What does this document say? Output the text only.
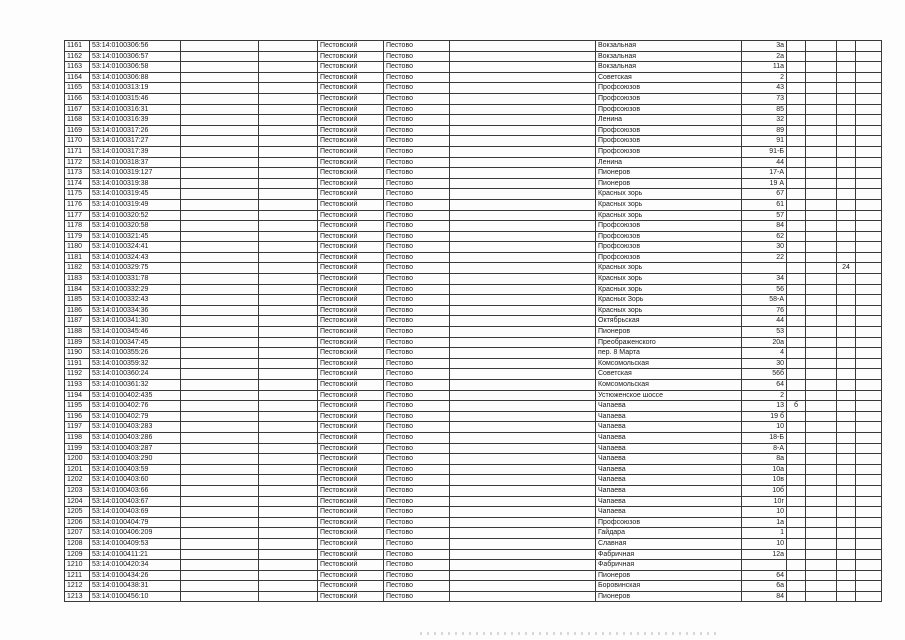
1161	53:14:0100306:56			Пестовский	Пестово		Вокзальная	3а				
1162	53:14:0100306:57			Пестовский	Пестово		Вокзальная	2а				
1163	53:14:0100306:58			Пестовский	Пестово		Вокзальная	11а				
1164	53:14:0100306:88			Пестовский	Пестово		Советская	2				
1165	53:14:0100313:19			Пестовский	Пестово		Профсоюзов	43				
1166	53:14:0100315:46			Пестовский	Пестово		Профсоюзов	73				
1167	53:14:0100316:31			Пестовский	Пестово		Профсоюзов	85				
1168	53:14:0100316:39			Пестовский	Пестово		Ленина	32				
1169	53:14:0100317:26			Пестовский	Пестово		Профсоюзов	89				
1170	53:14:0100317:27			Пестовский	Пестово		Профсоюзов	91				
1171	53:14:0100317:39			Пестовский	Пестово		Профсоюзов	91-Б				
1172	53:14:0100318:37			Пестовский	Пестово		Ленина	44				
1173	53:14:0100319:127			Пестовский	Пестово		Пионеров	17-А				
1174	53:14:0100319:38			Пестовский	Пестово		Пионеров	19 А				
1175	53:14:0100319:45			Пестовский	Пестово		Красных зорь	67				
1176	53:14:0100319:49			Пестовский	Пестово		Красных зорь	61				
1177	53:14:0100320:52			Пестовский	Пестово		Красных зорь	57				
1178	53:14:0100320:58			Пестовский	Пестово		Профсоюзов	84				
1179	53:14:0100321:45			Пестовский	Пестово		Профсоюзов	62				
1180	53:14:0100324:41			Пестовский	Пестово		Профсоюзов	30				
1181	53:14:0100324:43			Пестовский	Пестово		Профсоюзов	22				
1182	53:14:0100329:75			Пестовский	Пестово		Красных зорь				24	
1183	53:14:0100331:78			Пестовский	Пестово		Красных зорь	34				
1184	53:14:0100332:29			Пестовский	Пестово		Красных зорь	56				
1185	53:14:0100332:43			Пестовский	Пестово		Красных Зорь	58-А				
1186	53:14:0100334:36			Пестовский	Пестово		Красных зорь	76				
1187	53:14:0100341:30			Пестовский	Пестово		Октябрьская	44				
1188	53:14:0100345:46			Пестовский	Пестово		Пионеров	53				
1189	53:14:0100347:45			Пестовский	Пестово		Преображенского	20а				
1190	53:14:0100355:26			Пестовский	Пестово		пер. 8 Марта	4				
1191	53:14:0100359:32			Пестовский	Пестово		Комсомольская	30				
1192	53:14:0100360:24			Пестовский	Пестово		Советская	56б				
1193	53:14:0100361:32			Пестовский	Пестово		Комсомольская	64				
1194	53:14:0100402:435			Пестовский	Пестово		Устюженское шоссе	2				
1195	53:14:0100402:76			Пестовский	Пестово		Чапаева	13	б			
1196	53:14:0100402:79			Пестовский	Пестово		Чапаева	19 б				
1197	53:14:0100403:283			Пестовский	Пестово		Чапаева	10				
1198	53:14:0100403:286			Пестовский	Пестово		Чапаева	18-Б				
1199	53:14:0100403:287			Пестовский	Пестово		Чапаева	8-А				
1200	53:14:0100403:290			Пестовский	Пестово		Чапаева	8а				
1201	53:14:0100403:59			Пестовский	Пестово		Чапаева	10а				
1202	53:14:0100403:60			Пестовский	Пестово		Чапаева	10в				
1203	53:14:0100403:66			Пестовский	Пестово		Чапаева	10б				
1204	53:14:0100403:67			Пестовский	Пестово		Чапаева	10г				
1205	53:14:0100403:69			Пестовский	Пестово		Чапаева	10				
1206	53:14:0100404:79			Пестовский	Пестово		Профсоюзов	1а				
1207	53:14:0100406:209			Пестовский	Пестово		Гайдара	1				
1208	53:14:0100409:53			Пестовский	Пестово		Славная	10				
1209	53:14:0100411:21			Пестовский	Пестово		Фабричная	12а				
1210	53:14:0100420:34			Пестовский	Пестово		Фабричная					
1211	53:14:0100434:26			Пестовский	Пестово		Пионеров	64				
1212	53:14:0100438:31			Пестовский	Пестово		Боровинская	6а				
1213	53:14:0100456:10			Пестовский	Пестово		Пионеров	84				
